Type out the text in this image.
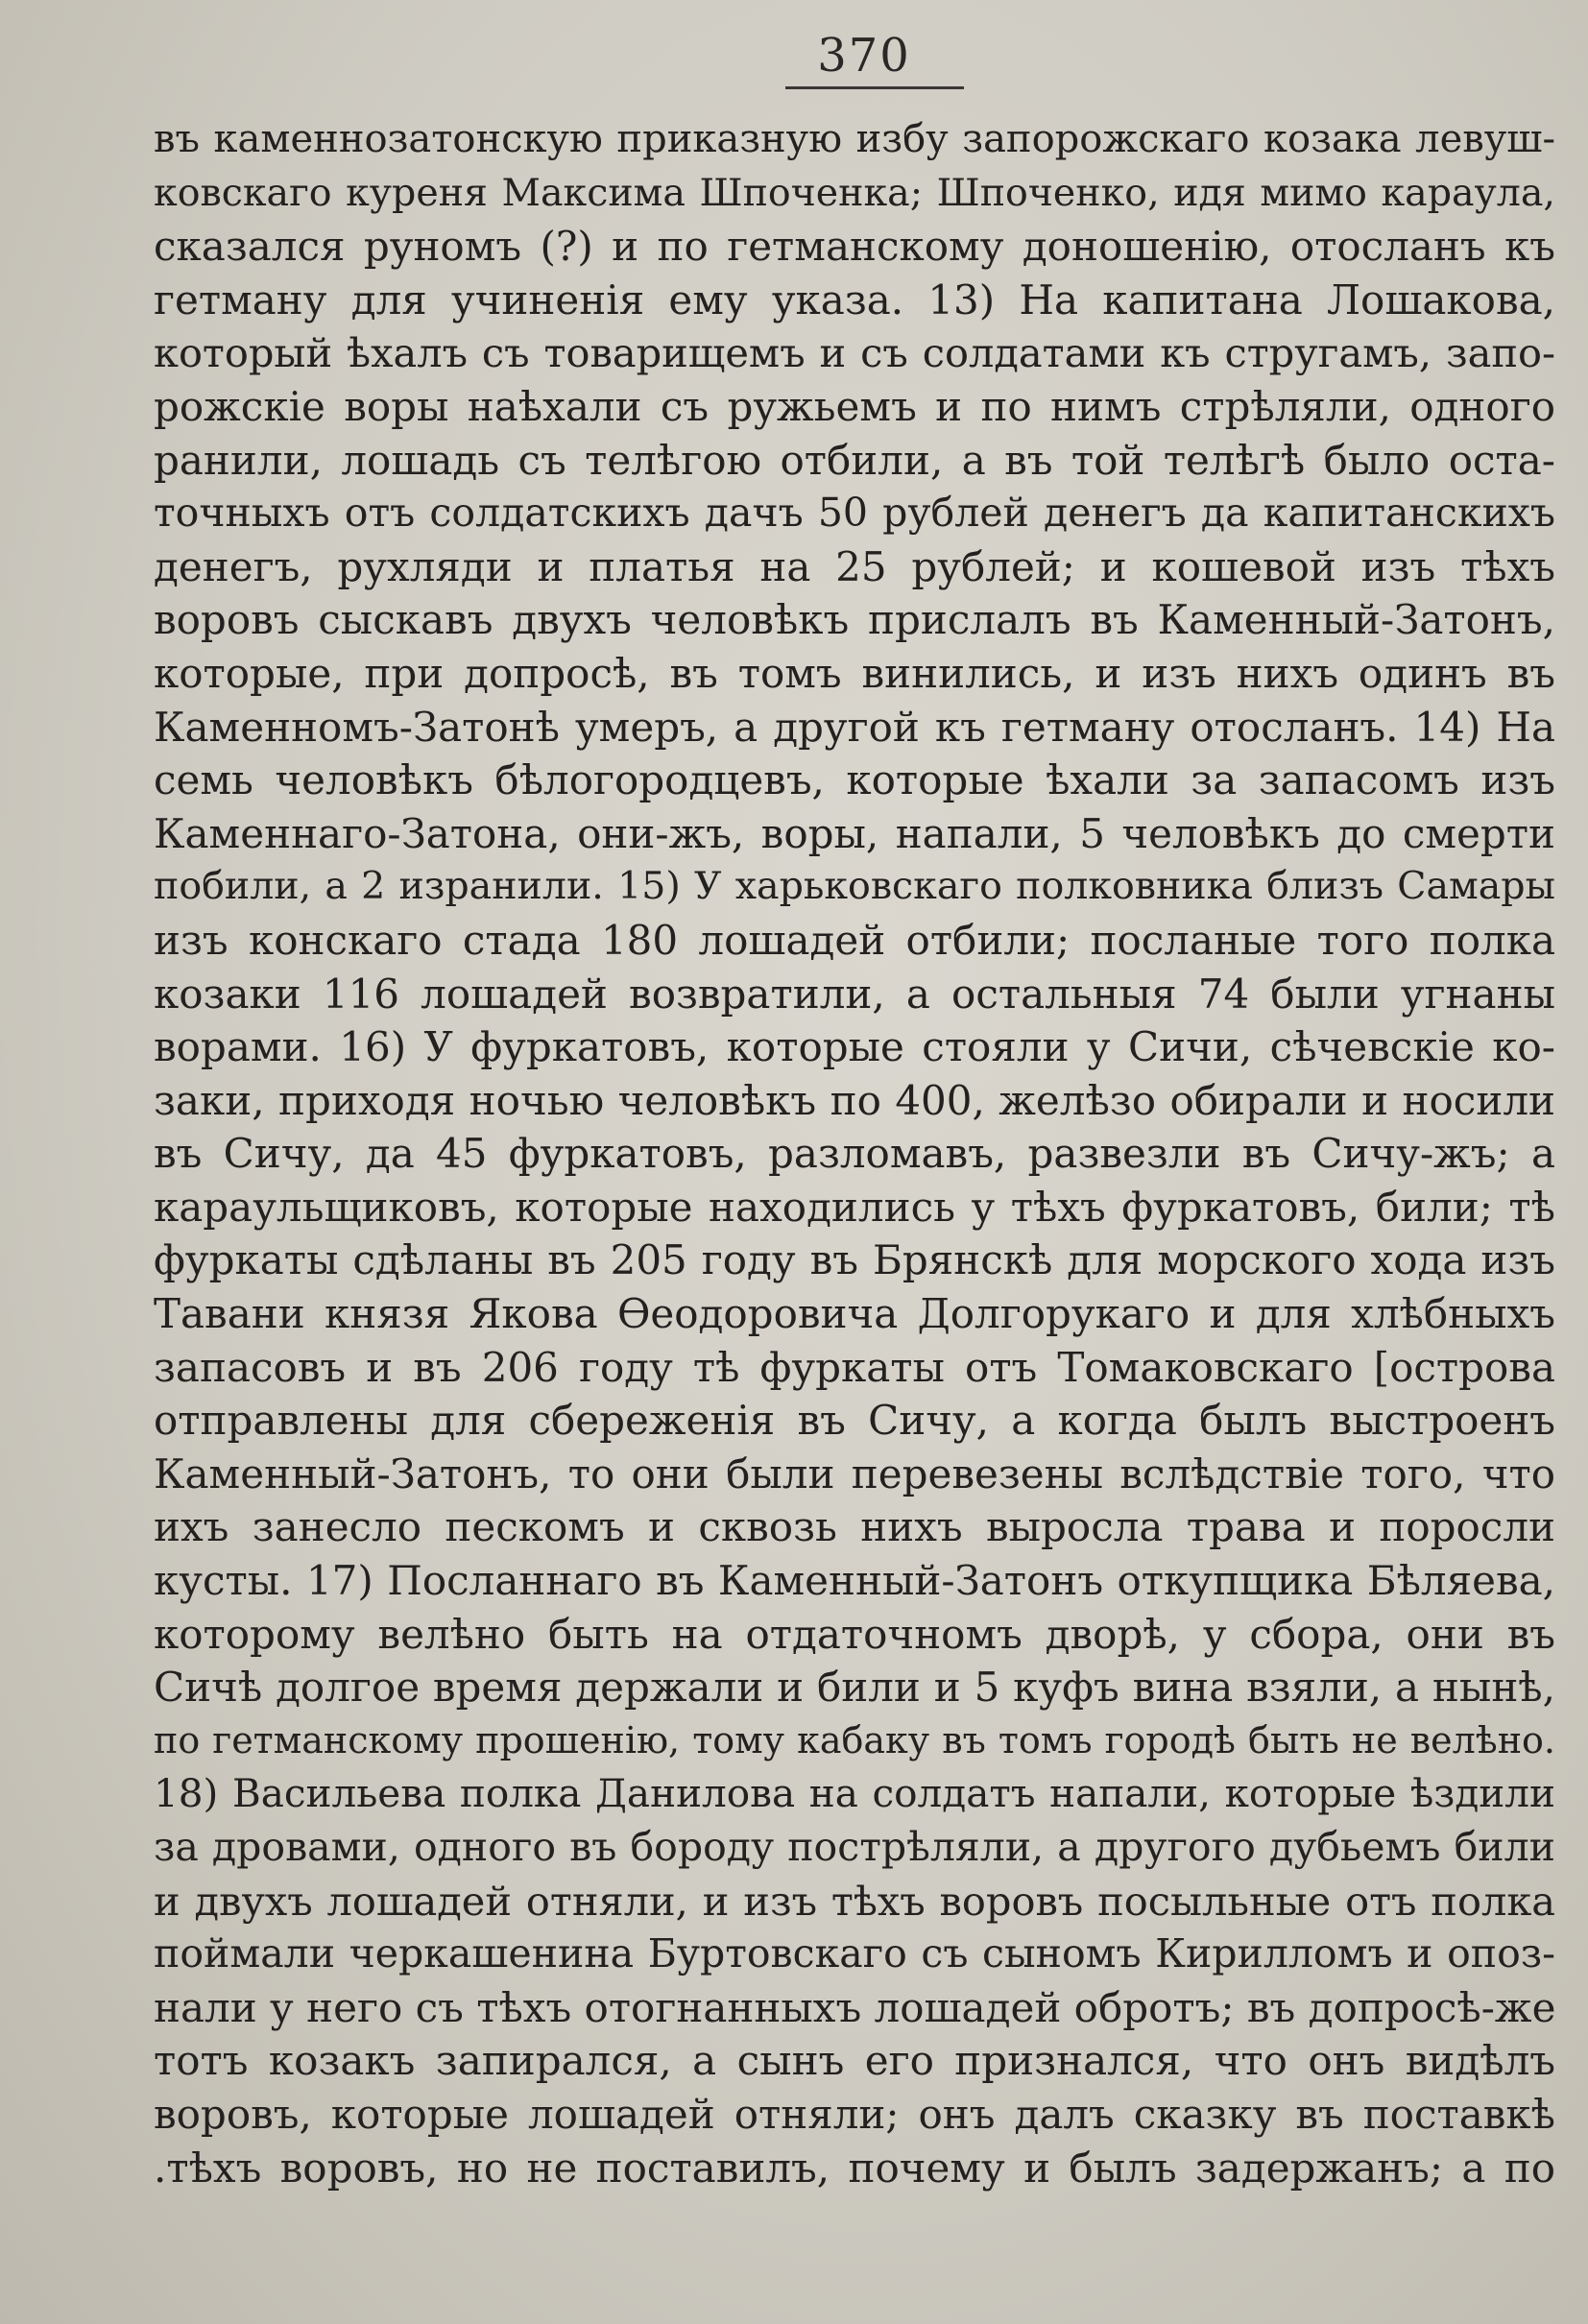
370
въ каменнозатонскую приказную избу запорожскаго козака левуш-
ковскаго куреня Максима Шпоченка; Шпоченко, идя мимо караула,
сказался руномъ (?) и по гетманскому доношенію, отосланъ къ
гетману для учиненія ему указа. 13) На капитана Лошакова,
который ѣхалъ съ товарищемъ и съ солдатами къ стругамъ, запо-
рожскіе воры наѣхали съ ружьемъ и по нимъ стрѣляли, одного
ранили, лошадь съ телѣгою отбили, а въ той телѣгѣ было оста-
точныхъ отъ солдатскихъ дачъ 50 рублей денегъ да капитанскихъ
денегъ, рухляди и платья на 25 рублей; и кошевой изъ тѣхъ
воровъ сыскавъ двухъ человѣкъ прислалъ въ Каменный-Затонъ,
которые, при допросѣ, въ томъ винились, и изъ нихъ одинъ въ
Каменномъ-Затонѣ умеръ, а другой къ гетману отосланъ. 14) На
семь человѣкъ бѣлогородцевъ, которые ѣхали за запасомъ изъ
Каменнаго-Затона, они-жъ, воры, напали, 5 человѣкъ до смерти
побили, а 2 изранили. 15) У харьковскаго полковника близъ Самары
изъ конскаго стада 180 лошадей отбили; посланые того полка
козаки 116 лошадей возвратили, а остальныя 74 были угнаны
ворами. 16) У фуркатовъ, которые стояли у Сичи, сѣчевскіе ко-
заки, приходя ночью человѣкъ по 400, желѣзо обирали и носили
въ Сичу, да 45 фуркатовъ, разломавъ, развезли въ Сичу-жъ; а
караульщиковъ, которые находились у тѣхъ фуркатовъ, били; тѣ
фуркаты сдѣланы въ 205 году въ Брянскѣ для морского хода изъ
Тавани князя Якова Ѳеодоровича Долгорукаго и для хлѣбныхъ
запасовъ и въ 206 году тѣ фуркаты отъ Томаковскаго [острова
отправлены для сбереженія въ Сичу, а когда былъ выстроенъ
Каменный-Затонъ, то они были перевезены вслѣдствіе того, что
ихъ занесло пескомъ и сквозь нихъ выросла трава и поросли
кусты. 17) Посланнаго въ Каменный-Затонъ откупщика Бѣляева,
которому велѣно быть на отдаточномъ дворѣ, у сбора, они въ
Сичѣ долгое время держали и били и 5 куфъ вина взяли, а нынѣ,
по гетманскому прошенію, тому кабаку въ томъ городѣ быть не велѣно.
18) Васильева полка Данилова на солдатъ напали, которые ѣздили
за дровами, одного въ бороду пострѣляли, а другого дубьемъ били
и двухъ лошадей отняли, и изъ тѣхъ воровъ посыльные отъ полка
поймали черкашенина Буртовскаго съ сыномъ Кирилломъ и опоз-
нали у него съ тѣхъ отогнанныхъ лошадей обротъ; въ допросѣ-же
тотъ козакъ запирался, а сынъ его признался, что онъ видѣлъ
воровъ, которые лошадей отняли; онъ далъ сказку въ поставкѣ
.тѣхъ воровъ, но не поставилъ, почему и былъ задержанъ; а по
